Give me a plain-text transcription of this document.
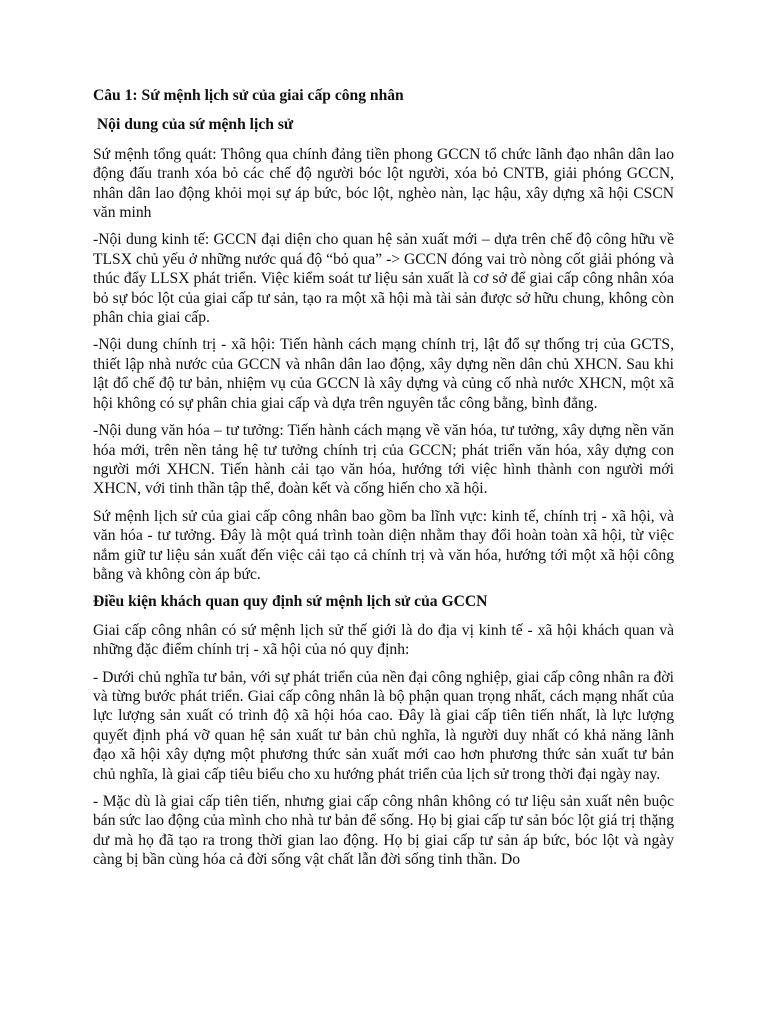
Câu 1: Sứ mệnh lịch sử của giai cấp công nhân

Nội dung của sứ mệnh lịch sử

Sứ mệnh tổng quát: Thông qua chính đảng tiền phong GCCN tổ chức lãnh đạo nhân dân lao động đấu tranh xóa bỏ các chế độ người bóc lột người, xóa bỏ CNTB, giải phóng GCCN, nhân dân lao động khỏi mọi sự áp bức, bóc lột, nghèo nàn, lạc hậu, xây dựng xã hội CSCN văn minh

-Nội dung kinh tế: GCCN đại diện cho quan hệ sản xuất mới – dựa trên chế độ công hữu về TLSX chủ yếu ở những nước quá độ “bỏ qua” -> GCCN đóng vai trò nòng cốt giải phóng và thúc đẩy LLSX phát triển. Việc kiểm soát tư liệu sản xuất là cơ sở để giai cấp công nhân xóa bỏ sự bóc lột của giai cấp tư sản, tạo ra một xã hội mà tài sản được sở hữu chung, không còn phân chia giai cấp.

-Nội dung chính trị - xã hội: Tiến hành cách mạng chính trị, lật đổ sự thống trị của GCTS, thiết lập nhà nước của GCCN và nhân dân lao động, xây dựng nền dân chủ XHCN. Sau khi lật đổ chế độ tư bản, nhiệm vụ của GCCN là xây dựng và củng cố nhà nước XHCN, một xã hội không có sự phân chia giai cấp và dựa trên nguyên tắc công bằng, bình đẳng.

-Nội dung văn hóa – tư tưởng: Tiến hành cách mạng về văn hóa, tư tưởng, xây dựng nền văn hóa mới, trên nền tảng hệ tư tưởng chính trị của GCCN; phát triển văn hóa, xây dựng con người mới XHCN. Tiến hành cải tạo văn hóa, hướng tới việc hình thành con người mới XHCN, với tinh thần tập thể, đoàn kết và cống hiến cho xã hội.

Sứ mệnh lịch sử của giai cấp công nhân bao gồm ba lĩnh vực: kinh tế, chính trị - xã hội, và văn hóa - tư tưởng. Đây là một quá trình toàn diện nhằm thay đổi hoàn toàn xã hội, từ việc nắm giữ tư liệu sản xuất đến việc cải tạo cả chính trị và văn hóa, hướng tới một xã hội công bằng và không còn áp bức.

Điều kiện khách quan quy định sứ mệnh lịch sử của GCCN

Giai cấp công nhân có sứ mệnh lịch sử thế giới là do địa vị kinh tế - xã hội khách quan và những đặc điểm chính trị - xã hội của nó quy định:

- Dưới chủ nghĩa tư bản, với sự phát triển của nền đại công nghiệp, giai cấp công nhân ra đời và từng bước phát triển. Giai cấp công nhân là bộ phận quan trọng nhất, cách mạng nhất của lực lượng sản xuất có trình độ xã hội hóa cao. Đây là giai cấp tiên tiến nhất, là lực lượng quyết định phá vỡ quan hệ sản xuất tư bản chủ nghĩa, là người duy nhất có khả năng lãnh đạo xã hội xây dựng một phương thức sản xuất mới cao hơn phương thức sản xuất tư bản chủ nghĩa, là giai cấp tiêu biểu cho xu hướng phát triển của lịch sử trong thời đại ngày nay.

- Mặc dù là giai cấp tiên tiến, nhưng giai cấp công nhân không có tư liệu sản xuất nên buộc bán sức lao động của mình cho nhà tư bản để sống. Họ bị giai cấp tư sản bóc lột giá trị thặng dư mà họ đã tạo ra trong thời gian lao động. Họ bị giai cấp tư sản áp bức, bóc lột và ngày càng bị bần cùng hóa cả đời sống vật chất lẫn đời sống tinh thần. Do
